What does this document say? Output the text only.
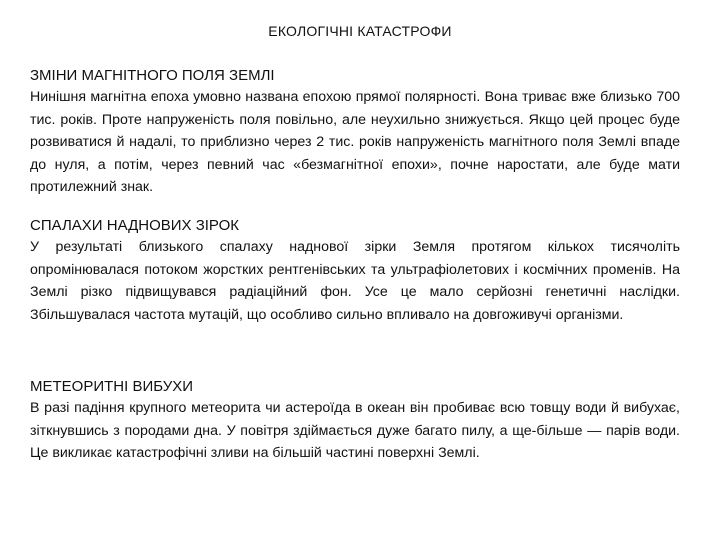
ЕКОЛОГІЧНІ КАТАСТРОФИ

ЗМІНИ МАГНІТНОГО ПОЛЯ ЗЕМЛІ

Нинішня магнітна епоха умовно названа епохою прямої полярності. Вона триває вже близько 700 тис. років. Проте напруженість поля повільно, але неухильно знижується. Якщо цей процес буде розвиватися й надалі, то приблизно через 2 тис. років напруженість магнітного поля Землі впаде до нуля, а потім, через певний час «безмагнітної епохи», почне наростати, але буде мати протилежний знак.

СПАЛАХИ НАДНОВИХ ЗІРОК

У результаті близького спалаху наднової зірки Земля протягом кількох тисячоліть опромінювалася потоком жорстких рентгенівських та ультрафіолетових і космічних променів. На Землі різко підвищувався радіаційний фон. Усе це мало серйозні генетичні наслідки. Збільшувалася частота мутацій, що особливо сильно впливало на довгоживучі організми.

МЕТЕОРИТНІ ВИБУХИ

В разі падіння крупного метеорита чи астероїда в океан він пробиває всю товщу води й вибухає, зіткнувшись з породами дна. У повітря здіймається дуже багато пилу, а ще-більше — парів води. Це викликає катастрофічні зливи на більшій частині поверхні Землі.
